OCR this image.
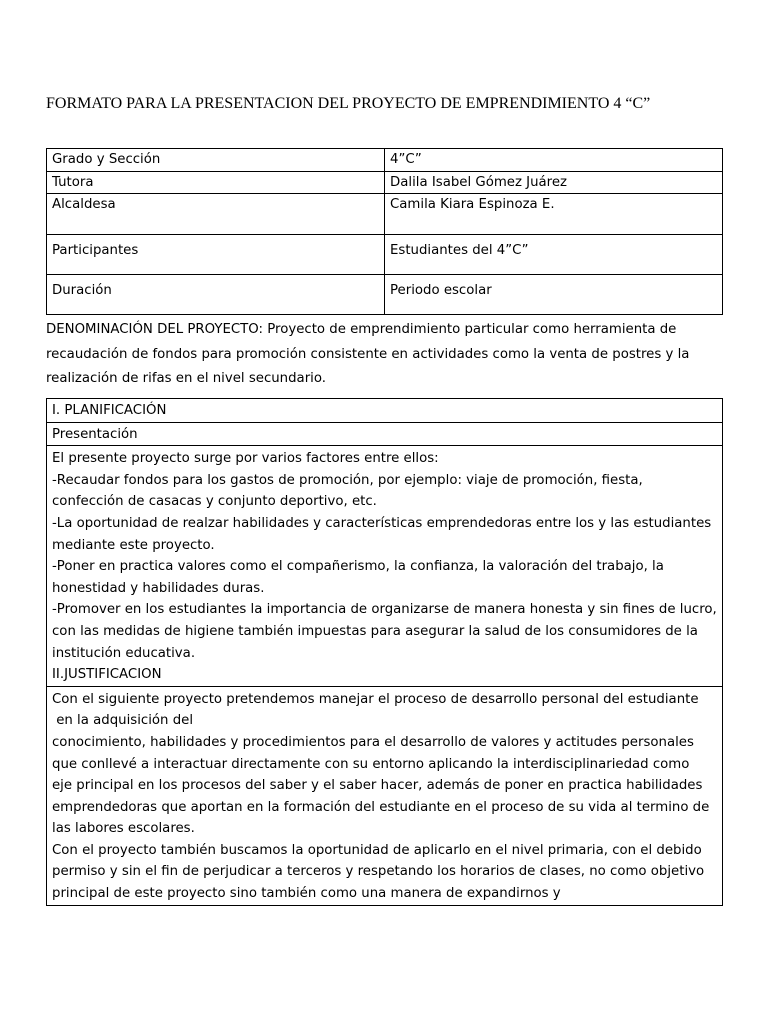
FORMATO PARA LA PRESENTACION DEL PROYECTO DE EMPRENDIMIENTO 4 “C”
Grado y Sección	4”C”
Tutora	Dalila Isabel Gómez Juárez
Alcaldesa	Camila Kiara Espinoza E.
Participantes	Estudiantes del 4”C”
Duración	Periodo escolar
DENOMINACIÓN DEL PROYECTO: Proyecto de emprendimiento particular como herramienta de recaudación de fondos para promoción consistente en actividades como la venta de postres y la realización de rifas en el nivel secundario.
I. PLANIFICACIÓN
Presentación

El presente proyecto surge por varios factores entre ellos:
-Recaudar fondos para los gastos de promoción, por ejemplo: viaje de promoción, fiesta, confección de casacas y conjunto deportivo, etc.
-La oportunidad de realzar habilidades y características emprendedoras entre los y las estudiantes mediante este proyecto.
-Poner en practica valores como el compañerismo, la confianza, la valoración del trabajo, la honestidad y habilidades duras.
-Promover en los estudiantes la importancia de organizarse de manera honesta y sin fines de lucro, con las medidas de higiene también impuestas para asegurar la salud de los consumidores de la institución educativa.
II.JUSTIFICACION

Con el siguiente proyecto pretendemos manejar el proceso de desarrollo personal del estudiante
en la adquisición del
conocimiento, habilidades y procedimientos para el desarrollo de valores y actitudes personales
que conllevé a interactuar directamente con su entorno aplicando la interdisciplinariedad como
eje principal en los procesos del saber y el saber hacer, además de poner en practica habilidades emprendedoras que aportan en la formación del estudiante en el proceso de su vida al termino de las labores escolares.
Con el proyecto también buscamos la oportunidad de aplicarlo en el nivel primaria, con el debido permiso y sin el fin de perjudicar a terceros y respetando los horarios de clases, no como objetivo principal de este proyecto sino también como una manera de expandirnos y
